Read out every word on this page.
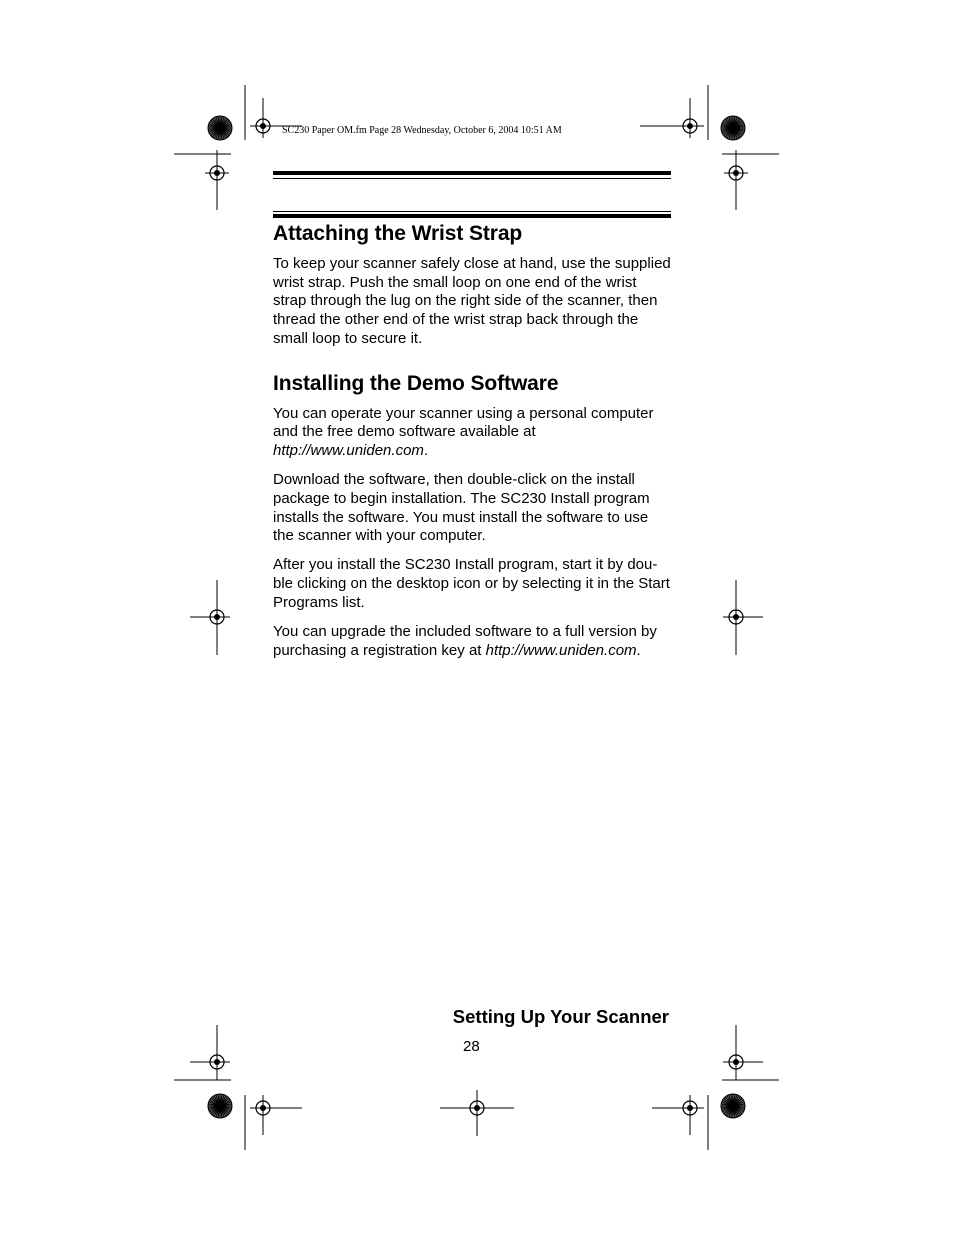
SC230 Paper OM.fm Page 28 Wednesday, October 6, 2004 10:51 AM
Attaching the Wrist Strap

To keep your scanner safely close at hand, use the supplied wrist strap. Push the small loop on one end of the wrist strap through the lug on the right side of the scanner, then thread the other end of the wrist strap back through the small loop to secure it.

Installing the Demo Software

You can operate your scanner using a personal computer and the free demo software available at http://www.uniden.com.

Download the software, then double-click on the install package to begin installation. The SC230 Install program installs the software. You must install the software to use the scanner with your computer.

After you install the SC230 Install program, start it by dou-ble clicking on the desktop icon or by selecting it in the Start Programs list.

You can upgrade the included software to a full version by purchasing a registration key at http://www.uniden.com.

Setting Up Your Scanner
28
